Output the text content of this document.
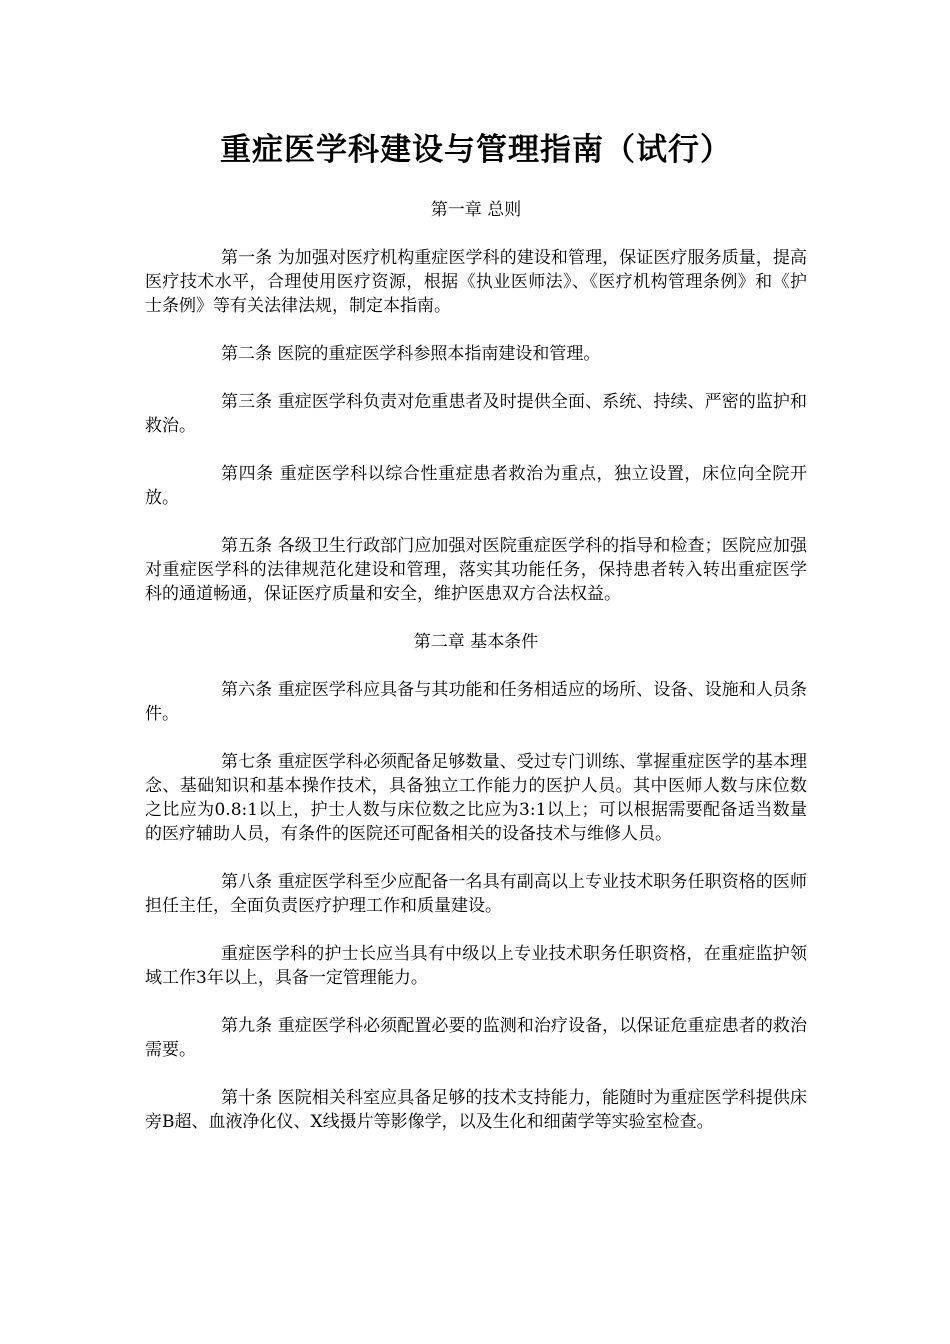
重症医学科建设与管理指南（试行）

第一章 总则

第一条 为加强对医疗机构重症医学科的建设和管理，保证医疗服务质量，提高医疗技术水平，合理使用医疗资源，根据《执业医师法》、《医疗机构管理条例》和《护士条例》等有关法律法规，制定本指南。

第二条 医院的重症医学科参照本指南建设和管理。

第三条 重症医学科负责对危重患者及时提供全面、系统、持续、严密的监护和救治。

第四条 重症医学科以综合性重症患者救治为重点，独立设置，床位向全院开放。

第五条 各级卫生行政部门应加强对医院重症医学科的指导和检查；医院应加强对重症医学科的法律规范化建设和管理，落实其功能任务，保持患者转入转出重症医学科的通道畅通，保证医疗质量和安全，维护医患双方合法权益。

第二章 基本条件

第六条 重症医学科应具备与其功能和任务相适应的场所、设备、设施和人员条件。

第七条 重症医学科必须配备足够数量、受过专门训练、掌握重症医学的基本理念、基础知识和基本操作技术，具备独立工作能力的医护人员。其中医师人数与床位数之比应为0.8:1以上，护士人数与床位数之比应为3:1以上；可以根据需要配备适当数量的医疗辅助人员，有条件的医院还可配备相关的设备技术与维修人员。

第八条 重症医学科至少应配备一名具有副高以上专业技术职务任职资格的医师担任主任，全面负责医疗护理工作和质量建设。

重症医学科的护士长应当具有中级以上专业技术职务任职资格，在重症监护领域工作3年以上，具备一定管理能力。

第九条 重症医学科必须配置必要的监测和治疗设备，以保证危重症患者的救治需要。

第十条 医院相关科室应具备足够的技术支持能力，能随时为重症医学科提供床旁B超、血液净化仪、X线摄片等影像学，以及生化和细菌学等实验室检查。
